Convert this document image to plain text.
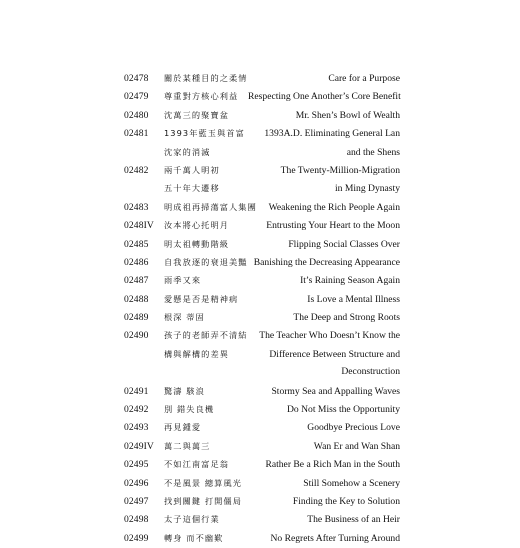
02478	關於某種目的之柔情	Care for a Purpose
02479	尊重對方核心利益	Respecting One Another’s Core Benefit
02480	沈萬三的聚寶盆	Mr. Shen’s Bowl of Wealth
02481	1393年藍玉與首富	1393A.D. Eliminating General Lan
沈家的消滅	and the Shens
02482	兩千萬人明初	The Twenty-Million-Migration
五十年大遷移	in Ming Dynasty
02483	明成祖再掃蕩富人集團	Weakening the Rich People Again
0248IV	汝本將心托明月	Entrusting Your Heart to the Moon
02485	明太祖轉動階級	Flipping Social Classes Over
02486	自我放逐的衰退美豔 Banishing the Decreasing Appearance
02487	雨季又來	It’s Raining Season Again
02488	愛懸是否是精神病	Is Love a Mental Illness
02489	根深 蒂固	The Deep and Strong Roots
02490	孩子的老師弄不清結	The Teacher Who Doesn’t Know the
構與解構的差異	Difference Between Structure and
Deconstruction
02491	驚濤 駭浪	Stormy Sea and Appalling Waves
02492	別 錯失良機	Do Not Miss the Opportunity
02493	再見鍾愛	Goodbye Precious Love
0249IV	萬二與萬三	Wan Er and Wan Shan
02495	不如江南富足翁	Rather Be a Rich Man in the South
02496	不是風景 總算風光	Still Somehow a Scenery
02497	找到關鍵 打開僵局	Finding the Key to Solution
02498	太子這個行業	The Business of an Heir
02499	轉身 而不幽歎	No Regrets After Turning Around
